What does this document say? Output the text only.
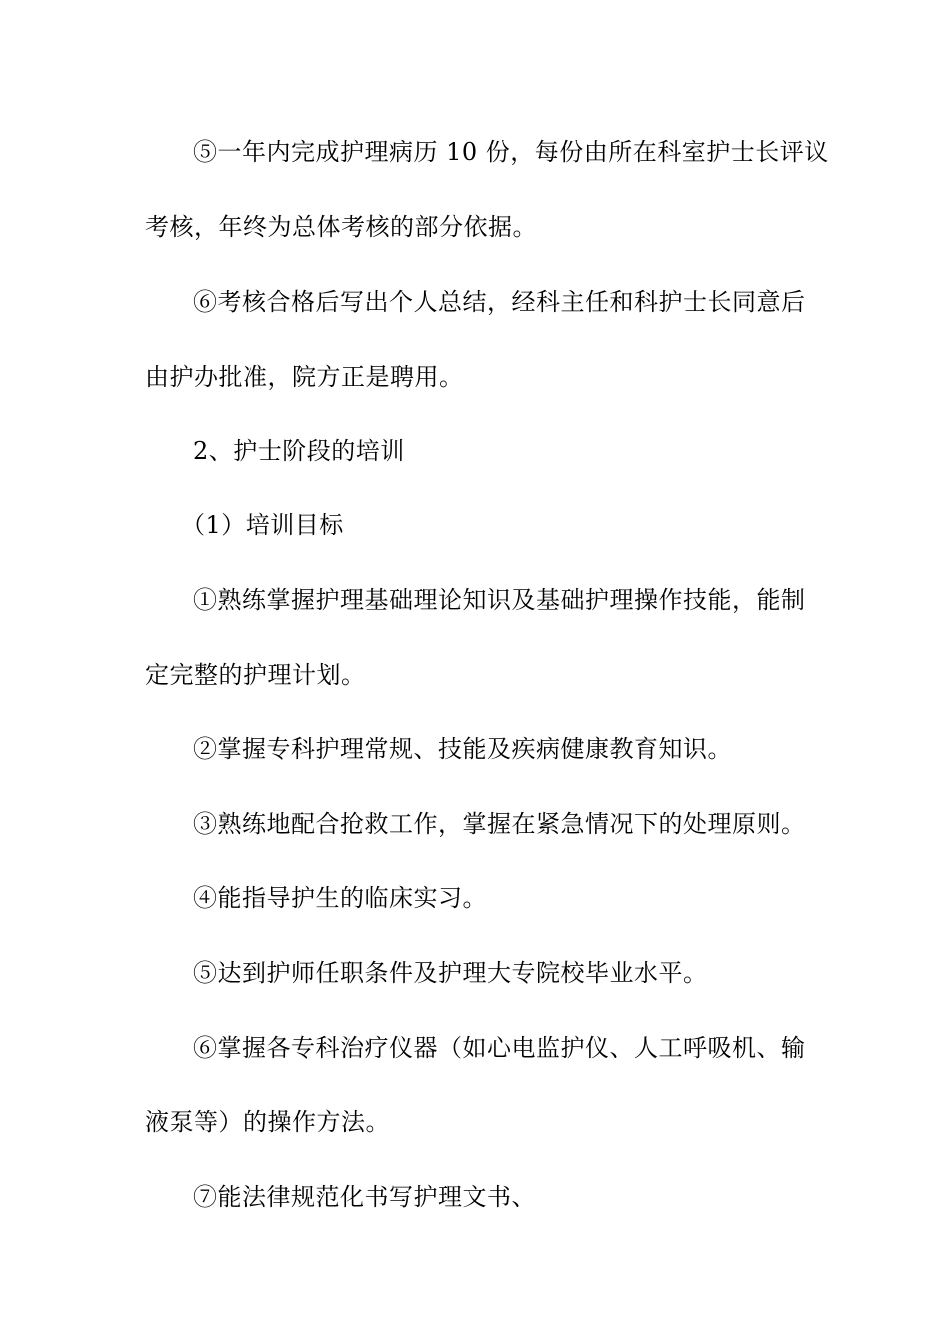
⑤一年内完成护理病历 10 份，每份由所在科室护士长评议
考核，年终为总体考核的部分依据。
⑥考核合格后写出个人总结，经科主任和科护士长同意后
由护办批准，院方正是聘用。
2、护士阶段的培训
（1）培训目标
①熟练掌握护理基础理论知识及基础护理操作技能，能制
定完整的护理计划。
②掌握专科护理常规、技能及疾病健康教育知识。
③熟练地配合抢救工作，掌握在紧急情况下的处理原则。
④能指导护生的临床实习。
⑤达到护师任职条件及护理大专院校毕业水平。
⑥掌握各专科治疗仪器（如心电监护仪、人工呼吸机、输
液泵等）的操作方法。
⑦能法律规范化书写护理文书、
